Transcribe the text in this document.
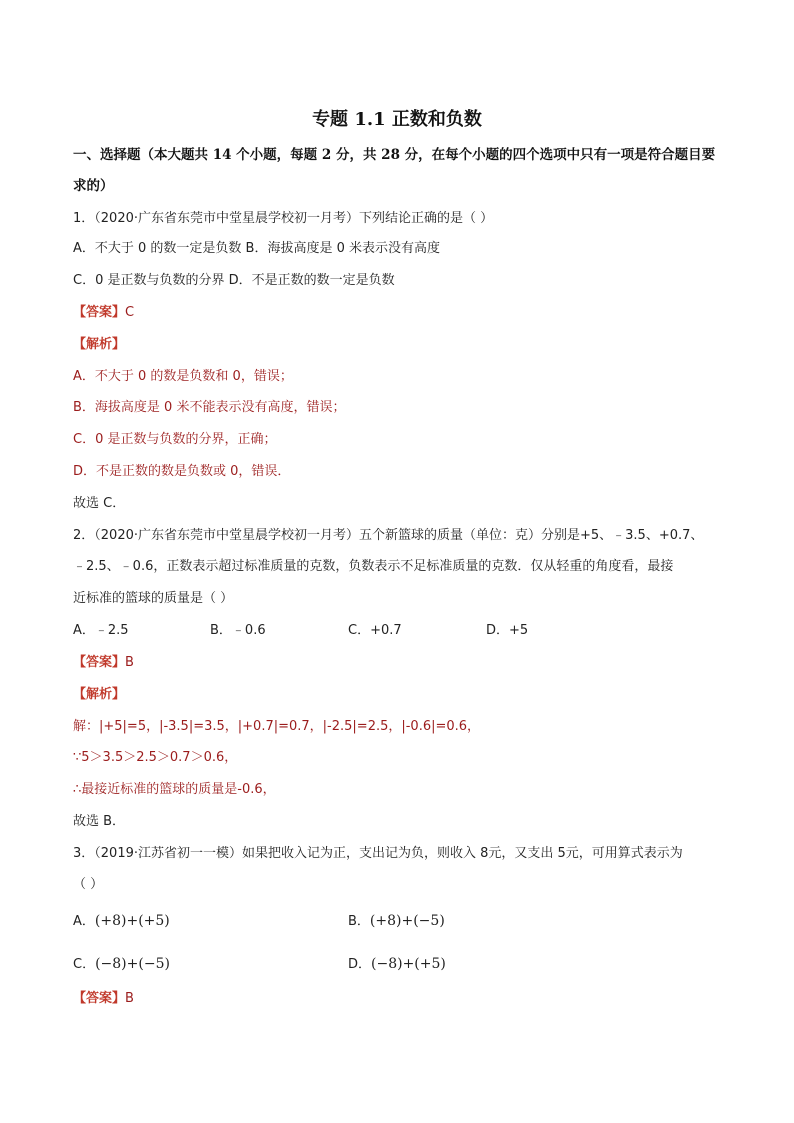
专题 1.1 正数和负数
一、选择题（本大题共 14 个小题，每题 2 分，共 28 分，在每个小题的四个选项中只有一项是符合题目要
求的）
1．（2020·广东省东莞市中堂星晨学校初一月考）下列结论正确的是（ ）
A．不大于 0 的数一定是负数 B．海拔高度是 0 米表示没有高度
C．0 是正数与负数的分界 D．不是正数的数一定是负数
【答案】C
【解析】
A．不大于 0 的数是负数和 0，错误；
B．海拔高度是 0 米不能表示没有高度，错误；
C．0 是正数与负数的分界，正确；
D．不是正数的数是负数或 0，错误．
故选 C．
2．（2020·广东省东莞市中堂星晨学校初一月考）五个新篮球的质量（单位：克）分别是+5、﹣3.5、+0.7、
﹣2.5、﹣0.6，正数表示超过标准质量的克数，负数表示不足标准质量的克数．仅从轻重的角度看，最接
近标准的篮球的质量是（ ）
A．﹣2.5	B．﹣0.6	C．+0.7	D．+5
【答案】B
【解析】
解：|+5|=5，|-3.5|=3.5，|+0.7|=0.7，|-2.5|=2.5，|-0.6|=0.6，
∵5＞3.5＞2.5＞0.7＞0.6，
∴最接近标准的篮球的质量是-0.6，
故选 B．
3．（2019·江苏省初一一模）如果把收入记为正，支出记为负，则收入 8元，又支出 5元，可用算式表示为
（ ）
A．(+8)+(+5)	B．(+8)+(−5)
C．(−8)+(−5)	D．(−8)+(+5)
【答案】B
